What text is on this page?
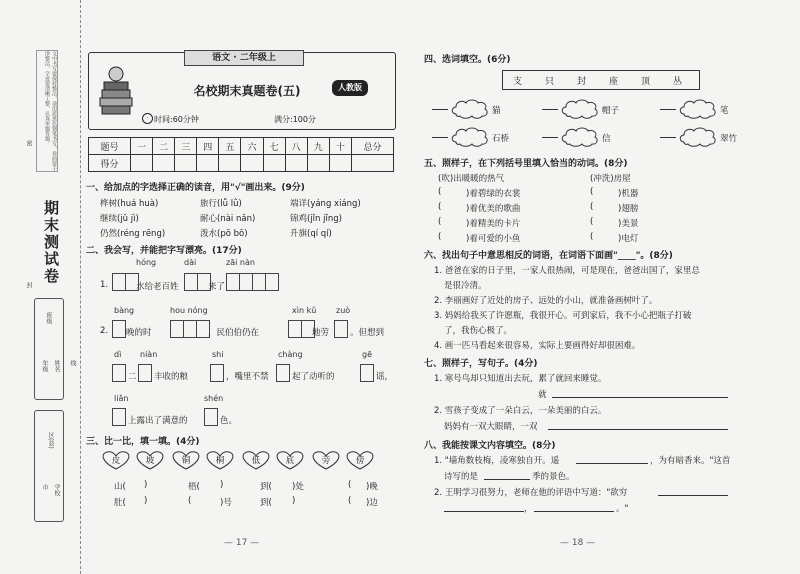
文中书写要保持整洁，请用蓝黑色钢笔书写，卷面要干净整洁，字迹要清晰工整，认真审题答题。
期末测试卷
密
封
线
班级
年级 姓名
区(县)
市 学校
语文 · 二年级上
名校期末真题卷(五)	人教版
· 时间:60分钟	满分:100分
题号	一	二	三	四	五	六	七	八	九	十	总分
得分											
一、给加点的字选择正确的读音，用"√"画出来。(9分)
桦树(huá huà)	旅行(lǚ lǜ)	端详(yáng xiáng)
继续(jǔ jì)	耐心(nài nǎn)	锦鸡(jǐn jǐng)
仍然(réng rēng)	泼水(pō bō)	升旗(qí qí)
二、我会写，并能把字写漂亮。(17分)
hóng	dài	zāi nàn
1.	水给老百姓	来了
bàng	hou nóng	xìn kǔ zuò
2. 晚的时	，民伯伯仍在	地劳 。但想到
dì niàn	shi	chàng	gē
二 丰收的粮	，嘴里不禁	起了动听的	谣，
liǎn	shén
上露出了满意的	色。
三、比一比，填一填。(4分)
皮	坡	铜	桐	低	底	旁	傍
山( )	梧( )	到( )处	( )晚
肚( )	(	)号	到( )	( )边
— 17 —
四、选词填空。(6分)
支	只	封	座	顶	丛
猫	帽子	笔
石桥	信	翠竹
五、照样子，在下列括号里填入恰当的动词。(8分)
(吹)出暖暖的热气	(冲洗)房屋
(	)着碧绿的衣裳	(	)机器
(	)着优美的歌曲	(	)翅膀
(	)着精美的卡片	(	)美景
(	)着可爱的小鱼	(	)电灯
六、找出句子中意思相反的词语，在词语下面画"____"。(8分)
1. 爸爸在家的日子里，一家人很热闹，可是现在，爸爸出国了，家里总
是很冷清。
2. 李丽画好了近处的房子、远处的小山，就准备画树叶了。
3. 妈妈给我买了许愿瓶，我很开心。可到家后，我不小心把瓶子打破
了，我伤心极了。
4. 画一匹马看起来很容易，实际上要画得好却很困难。
七、照样子，写句子。(4分)
1. 寒号鸟却只知道出去玩，累了就回来睡觉。
就
2. 雪孩子变成了一朵白云，一朵美丽的白云。
妈妈有一双大眼睛，一双
八、我能按课文内容填空。(8分)
1. "墙角数枝梅，凌寒独自开。遥	，为有暗香来。"这首
诗写的是	季的景色。
2. 王明学习很努力，老师在他的评语中写道："欲穷
，	。"
— 18 —
